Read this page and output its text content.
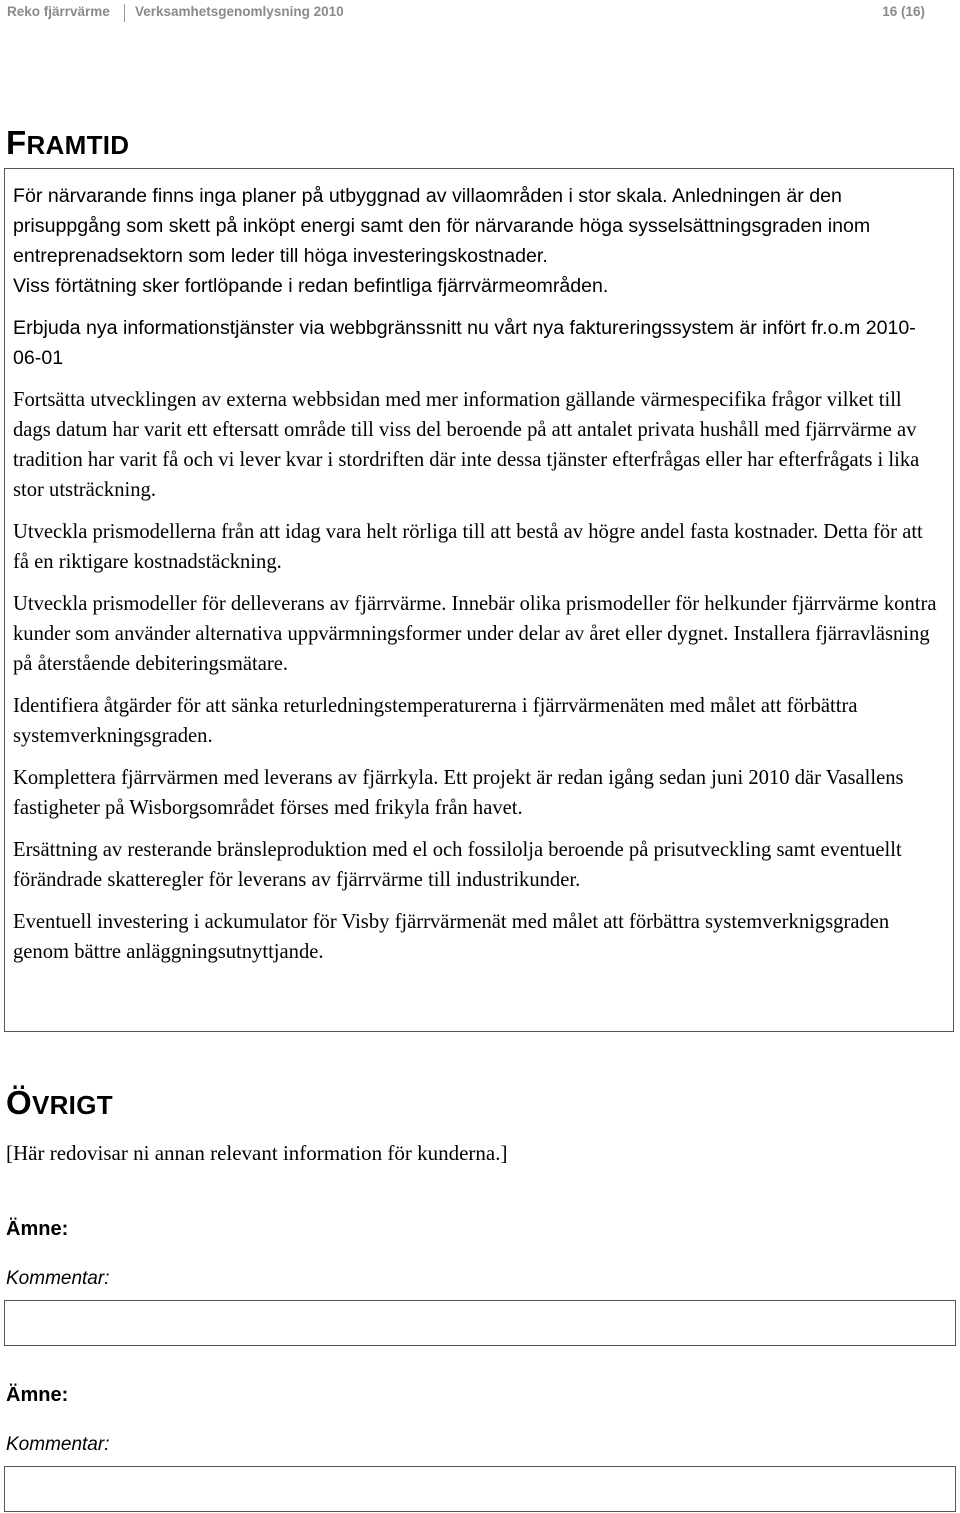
Reko fjärrvärme Verksamhetsgenomlysning 2010	16 (16)
FRAMTID

För närvarande finns inga planer på utbyggnad av villaområden i stor skala. Anledningen är den prisuppgång som skett på inköpt energi samt den för närvarande höga sysselsättningsgraden inom entreprenadsektorn som leder till höga investeringskostnader.

Viss förtätning sker fortlöpande i redan befintliga fjärrvärmeområden.

Erbjuda nya informationstjänster via webbgränssnitt nu vårt nya faktureringssystem är infört fr.o.m 2010-06-01

Fortsätta utvecklingen av externa webbsidan med mer information gällande värmespecifika frågor vilket till dags datum har varit ett eftersatt område till viss del beroende på att antalet privata hushåll med fjärrvärme av tradition har varit få och vi lever kvar i stordriften där inte dessa tjänster efterfrågas eller har efterfrågats i lika stor utsträckning.

Utveckla prismodellerna från att idag vara helt rörliga till att bestå av högre andel fasta kostnader. Detta för att få en riktigare kostnadstäckning.

Utveckla prismodeller för delleverans av fjärrvärme. Innebär olika prismodeller för helkunder fjärrvärme kontra kunder som använder alternativa uppvärmningsformer under delar av året eller dygnet. Installera fjärravläsning på återstående debiteringsmätare.

Identifiera åtgärder för att sänka returledningstemperaturerna i fjärrvärmenäten med målet att förbättra systemverkningsgraden.

Komplettera fjärrvärmen med leverans av fjärrkyla. Ett projekt är redan igång sedan juni 2010 där Vasallens fastigheter på Wisborgsområdet förses med frikyla från havet.

Ersättning av resterande bränsleproduktion med el och fossilolja beroende på prisutveckling samt eventuellt förändrade skatteregler för leverans av fjärrvärme till industrikunder.

Eventuell investering i ackumulator för Visby fjärrvärmenät med målet att förbättra systemverknigsgraden genom bättre anläggningsutnyttjande.

ÖVRIGT
[Här redovisar ni annan relevant information för kunderna.]
Ämne:
Kommentar:
Ämne:
Kommentar:
